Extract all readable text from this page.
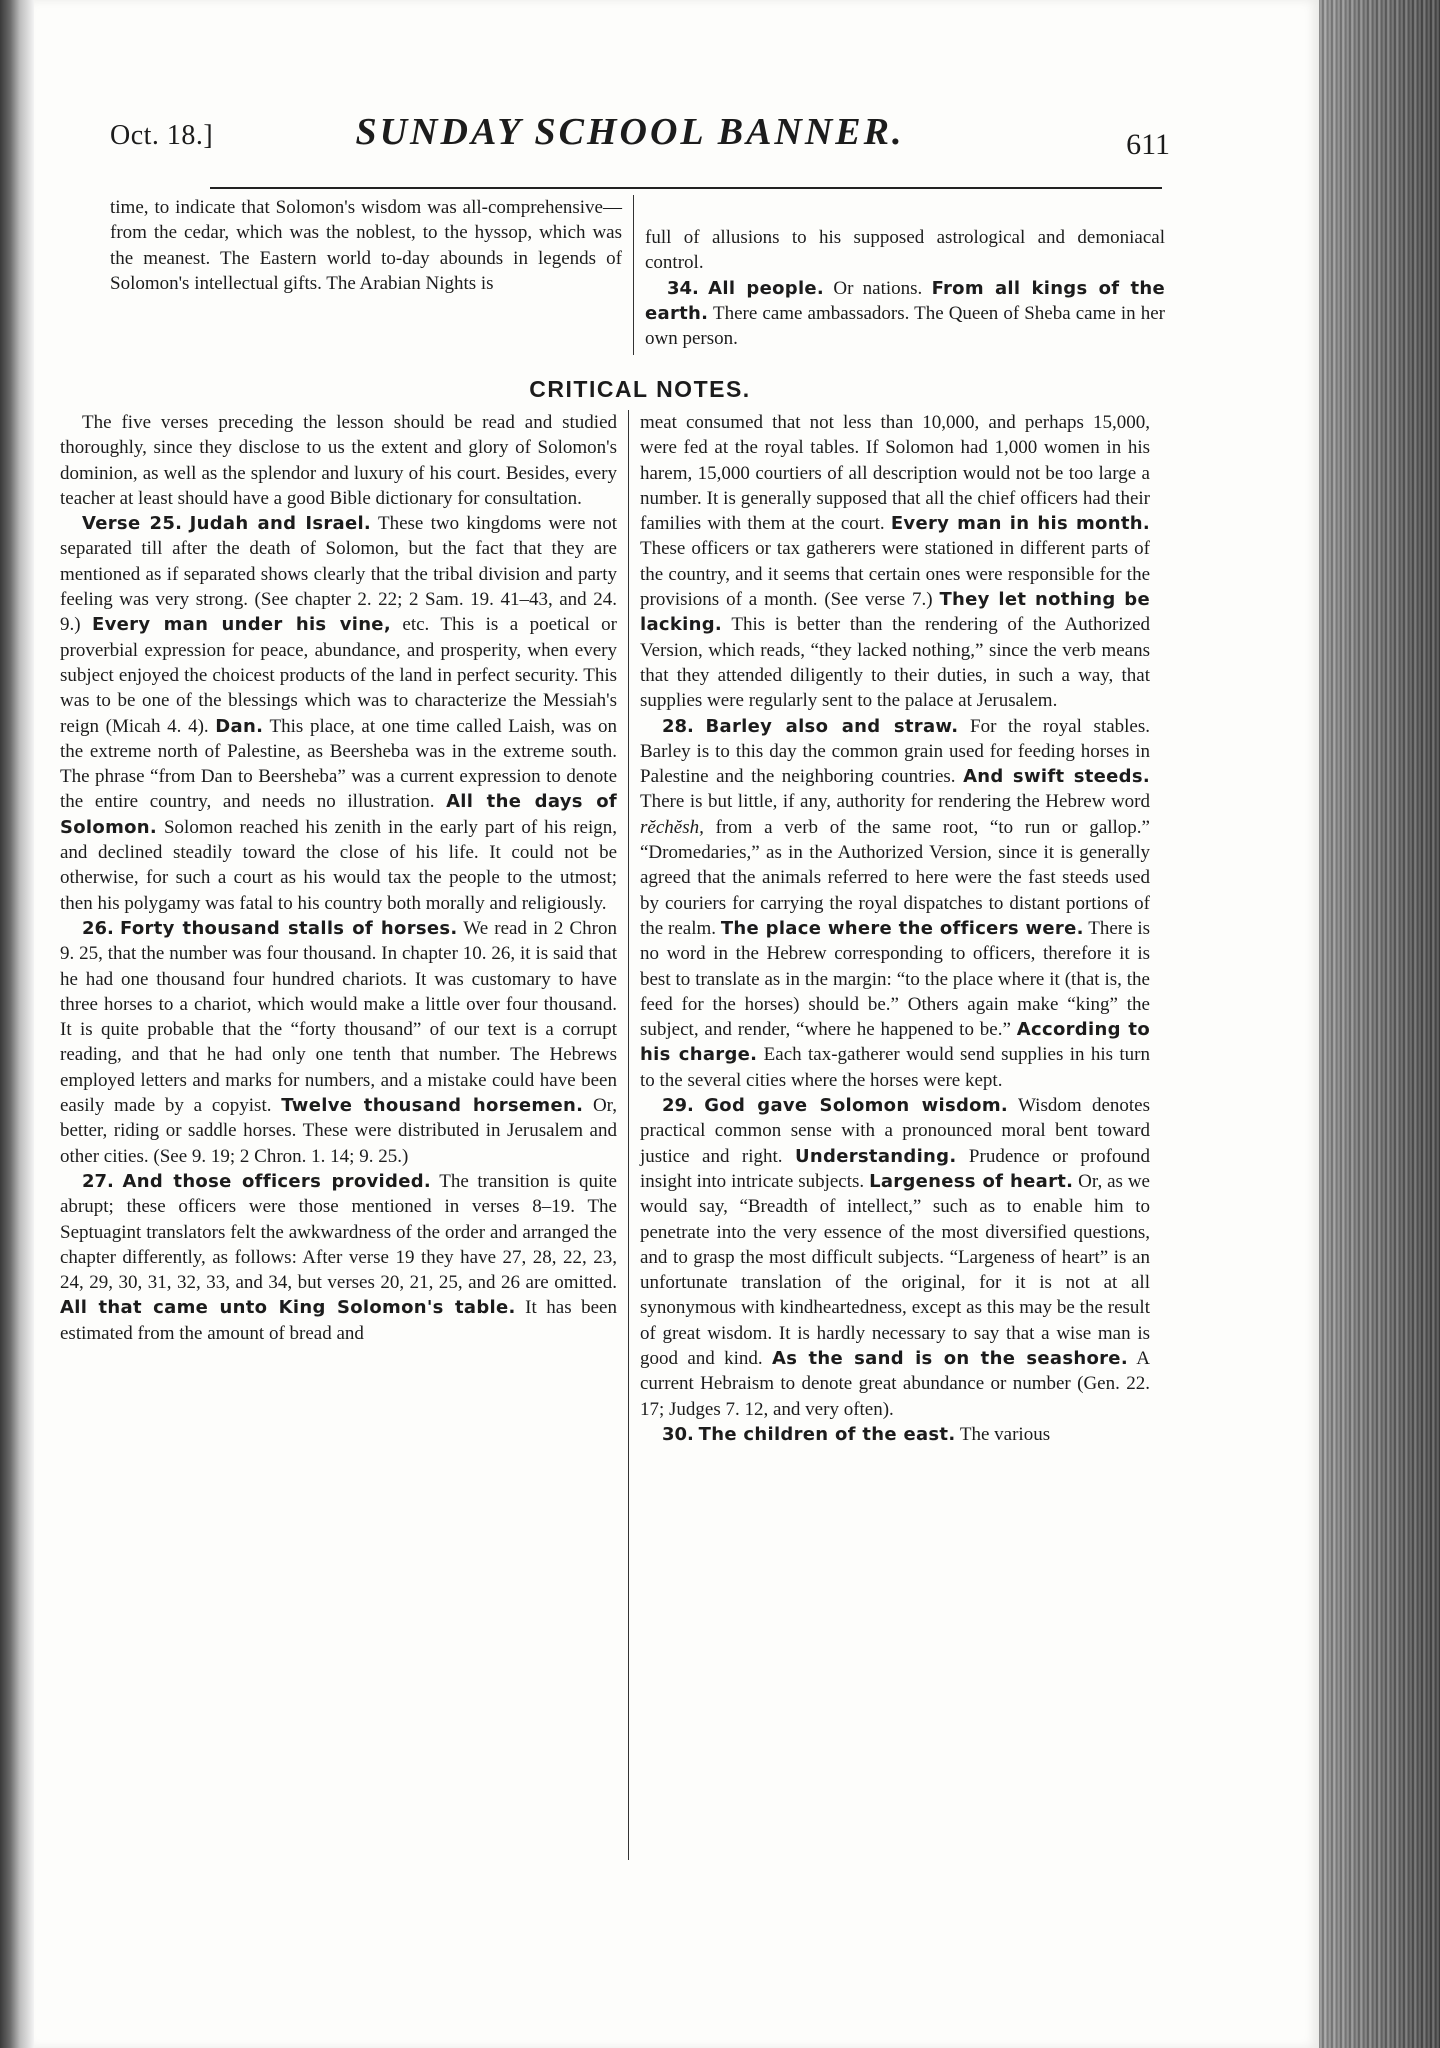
Oct. 18.]	SUNDAY SCHOOL BANNER.	611

time, to indicate that Solomon's wisdom was all-comprehensive—from the cedar, which was the noblest, to the hyssop, which was the meanest. The Eastern world to-day abounds in legends of Solomon's intellectual gifts. The Arabian Nights is

full of allusions to his supposed astrological and demoniacal control.

34. All people. Or nations. From all kings of the earth. There came ambassadors. The Queen of Sheba came in her own person.

CRITICAL NOTES.

The five verses preceding the lesson should be read and studied thoroughly, since they disclose to us the extent and glory of Solomon's dominion, as well as the splendor and luxury of his court. Besides, every teacher at least should have a good Bible dictionary for consultation.

Verse 25. Judah and Israel. These two kingdoms were not separated till after the death of Solomon, but the fact that they are mentioned as if separated shows clearly that the tribal division and party feeling was very strong. (See chapter 2. 22; 2 Sam. 19. 41–43, and 24. 9.) Every man under his vine, etc. This is a poetical or proverbial expression for peace, abundance, and prosperity, when every subject enjoyed the choicest products of the land in perfect security. This was to be one of the blessings which was to characterize the Messiah's reign (Micah 4. 4). Dan. This place, at one time called Laish, was on the extreme north of Palestine, as Beersheba was in the extreme south. The phrase “from Dan to Beersheba” was a current expression to denote the entire country, and needs no illustration. All the days of Solomon. Solomon reached his zenith in the early part of his reign, and declined steadily toward the close of his life. It could not be otherwise, for such a court as his would tax the people to the utmost; then his polygamy was fatal to his country both morally and religiously.

26. Forty thousand stalls of horses. We read in 2 Chron 9. 25, that the number was four thousand. In chapter 10. 26, it is said that he had one thousand four hundred chariots. It was customary to have three horses to a chariot, which would make a little over four thousand. It is quite probable that the “forty thousand” of our text is a corrupt reading, and that he had only one tenth that number. The Hebrews employed letters and marks for numbers, and a mistake could have been easily made by a copyist. Twelve thousand horsemen. Or, better, riding or saddle horses. These were distributed in Jerusalem and other cities. (See 9. 19; 2 Chron. 1. 14; 9. 25.)

27. And those officers provided. The transition is quite abrupt; these officers were those mentioned in verses 8–19. The Septuagint translators felt the awkwardness of the order and arranged the chapter differently, as follows: After verse 19 they have 27, 28, 22, 23, 24, 29, 30, 31, 32, 33, and 34, but verses 20, 21, 25, and 26 are omitted. All that came unto King Solomon's table. It has been estimated from the amount of bread and

meat consumed that not less than 10,000, and perhaps 15,000, were fed at the royal tables. If Solomon had 1,000 women in his harem, 15,000 courtiers of all description would not be too large a number. It is generally supposed that all the chief officers had their families with them at the court. Every man in his month. These officers or tax gatherers were stationed in different parts of the country, and it seems that certain ones were responsible for the provisions of a month. (See verse 7.) They let nothing be lacking. This is better than the rendering of the Authorized Version, which reads, “they lacked nothing,” since the verb means that they attended diligently to their duties, in such a way, that supplies were regularly sent to the palace at Jerusalem.

28. Barley also and straw. For the royal stables. Barley is to this day the common grain used for feeding horses in Palestine and the neighboring countries. And swift steeds. There is but little, if any, authority for rendering the Hebrew word rĕchĕsh, from a verb of the same root, “to run or gallop.” “Dromedaries,” as in the Authorized Version, since it is generally agreed that the animals referred to here were the fast steeds used by couriers for carrying the royal dispatches to distant portions of the realm. The place where the officers were. There is no word in the Hebrew corresponding to officers, therefore it is best to translate as in the margin: “to the place where it (that is, the feed for the horses) should be.” Others again make “king” the subject, and render, “where he happened to be.” According to his charge. Each tax-gatherer would send supplies in his turn to the several cities where the horses were kept.

29. God gave Solomon wisdom. Wisdom denotes practical common sense with a pronounced moral bent toward justice and right. Understanding. Prudence or profound insight into intricate subjects. Largeness of heart. Or, as we would say, “Breadth of intellect,” such as to enable him to penetrate into the very essence of the most diversified questions, and to grasp the most difficult subjects. “Largeness of heart” is an unfortunate translation of the original, for it is not at all synonymous with kindheartedness, except as this may be the result of great wisdom. It is hardly necessary to say that a wise man is good and kind. As the sand is on the seashore. A current Hebraism to denote great abundance or number (Gen. 22. 17; Judges 7. 12, and very often).

30. The children of the east. The various
